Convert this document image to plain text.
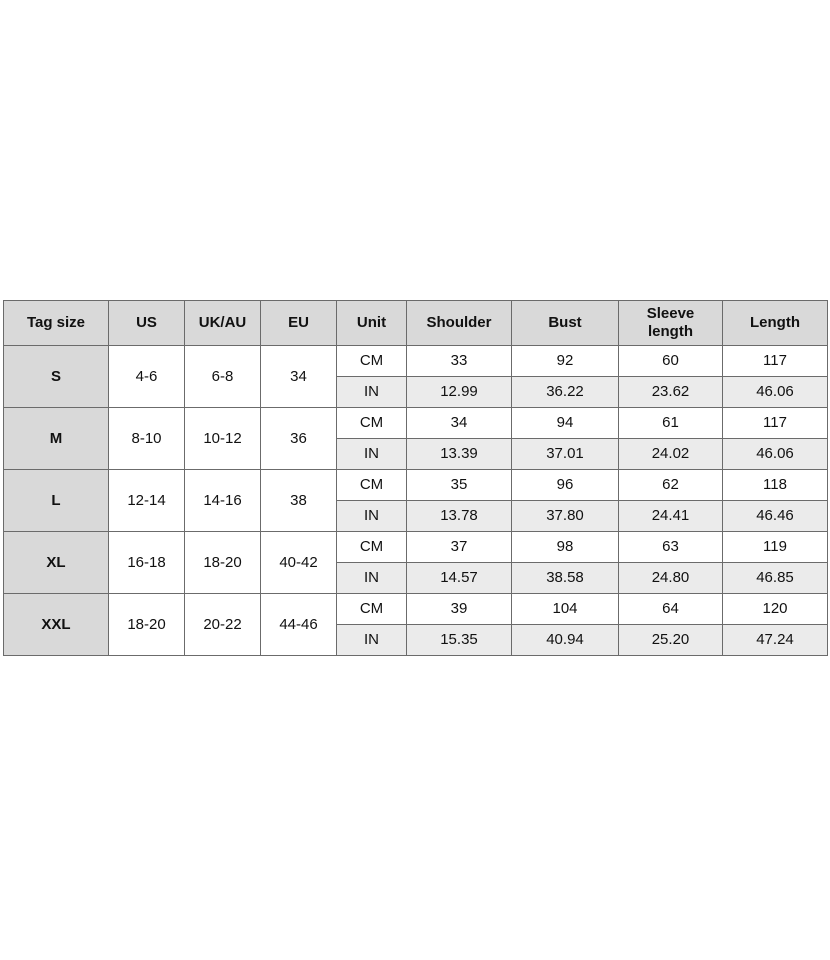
Tag size	US	UK/AU	EU	Unit	Shoulder	Bust	Sleeve length	Length
S	4-6	6-8	34	CM	33	92	60	117
				IN	12.99	36.22	23.62	46.06
M	8-10	10-12	36	CM	34	94	61	117
				IN	13.39	37.01	24.02	46.06
L	12-14	14-16	38	CM	35	96	62	118
				IN	13.78	37.80	24.41	46.46
XL	16-18	18-20	40-42	CM	37	98	63	119
				IN	14.57	38.58	24.80	46.85
XXL	18-20	20-22	44-46	CM	39	104	64	120
				IN	15.35	40.94	25.20	47.24
